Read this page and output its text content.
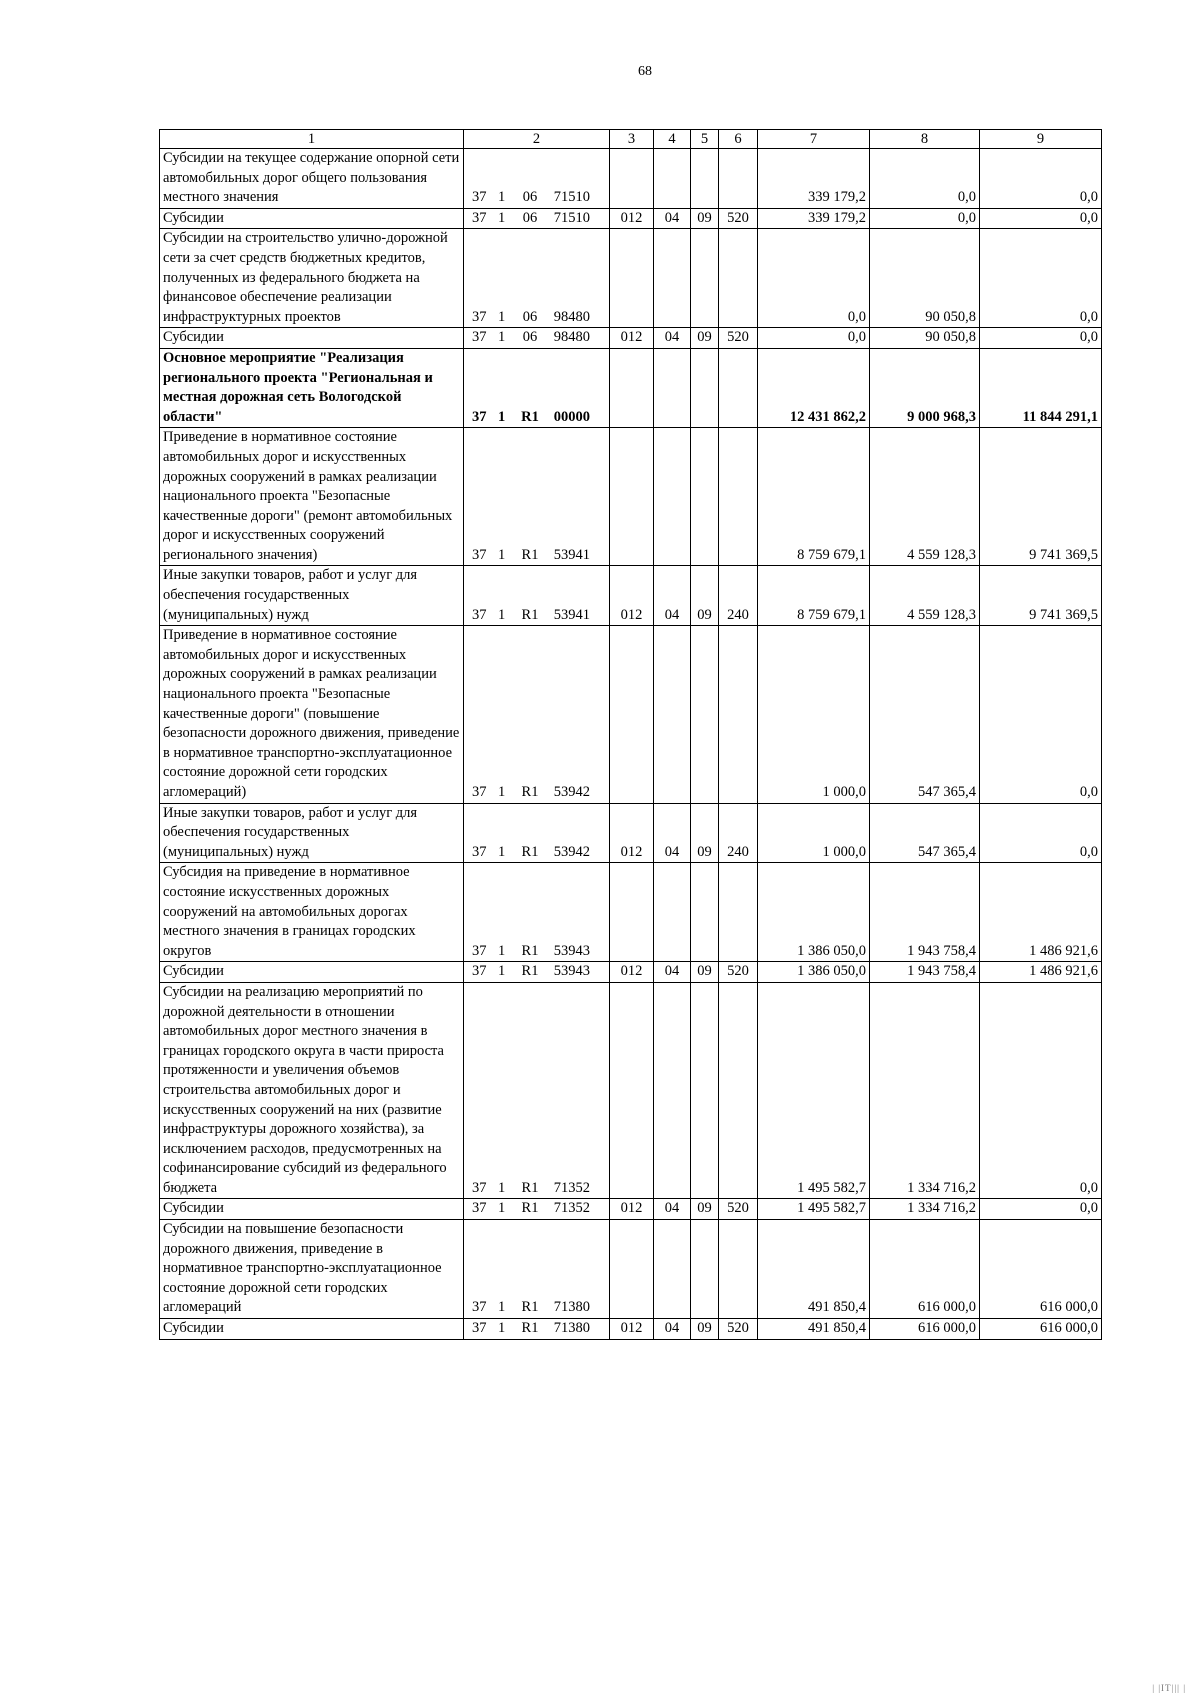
68
1	2	3	4	5	6	7	8	9
Субсидии на текущее содержание опорной сети автомобильных дорог общего пользования местного значения	37 1 06 71510					339 179,2	0,0	0,0
Субсидии	37 1 06 71510	012	04	09	520	339 179,2	0,0	0,0
Субсидии на строительство улично-дорожной сети за счет средств бюджетных кредитов, полученных из федерального бюджета на финансовое обеспечение реализации инфраструктурных проектов	37 1 06 98480					0,0	90 050,8	0,0
Субсидии	37 1 06 98480	012	04	09	520	0,0	90 050,8	0,0
Основное мероприятие "Реализация регионального проекта "Региональная и местная дорожная сеть Вологодской области"	37 1 R1 00000					12 431 862,2	9 000 968,3	11 844 291,1
Приведение в нормативное состояние автомобильных дорог и искусственных дорожных сооружений в рамках реализации национального проекта "Безопасные качественные дороги" (ремонт автомобильных дорог и искусственных сооружений регионального значения)	37 1 R1 53941					8 759 679,1	4 559 128,3	9 741 369,5
Иные закупки товаров, работ и услуг для обеспечения государственных (муниципальных) нужд	37 1 R1 53941	012	04	09	240	8 759 679,1	4 559 128,3	9 741 369,5
Приведение в нормативное состояние автомобильных дорог и искусственных дорожных сооружений в рамках реализации национального проекта "Безопасные качественные дороги" (повышение безопасности дорожного движения, приведение в нормативное транспортно-эксплуатационное состояние дорожной сети городских агломераций)	37 1 R1 53942					1 000,0	547 365,4	0,0
Иные закупки товаров, работ и услуг для обеспечения государственных (муниципальных) нужд	37 1 R1 53942	012	04	09	240	1 000,0	547 365,4	0,0
Субсидия на приведение в нормативное состояние искусственных дорожных сооружений на автомобильных дорогах местного значения в границах городских округов	37 1 R1 53943					1 386 050,0	1 943 758,4	1 486 921,6
Субсидии	37 1 R1 53943	012	04	09	520	1 386 050,0	1 943 758,4	1 486 921,6
Субсидии на реализацию мероприятий по дорожной деятельности в отношении автомобильных дорог местного значения в границах городского округа в части прироста протяженности и увеличения объемов строительства автомобильных дорог и искусственных сооружений на них (развитие инфраструктуры дорожного хозяйства), за исключением расходов, предусмотренных на софинансирование субсидий из федерального бюджета	37 1 R1 71352					1 495 582,7	1 334 716,2	0,0
Субсидии	37 1 R1 71352	012	04	09	520	1 495 582,7	1 334 716,2	0,0
Субсидии на повышение безопасности дорожного движения, приведение в нормативное транспортно-эксплуатационное состояние дорожной сети городских агломераций	37 1 R1 71380					491 850,4	616 000,0	616 000,0
Субсидии	37 1 R1 71380	012	04	09	520	491 850,4	616 000,0	616 000,0
| |IT||| |
